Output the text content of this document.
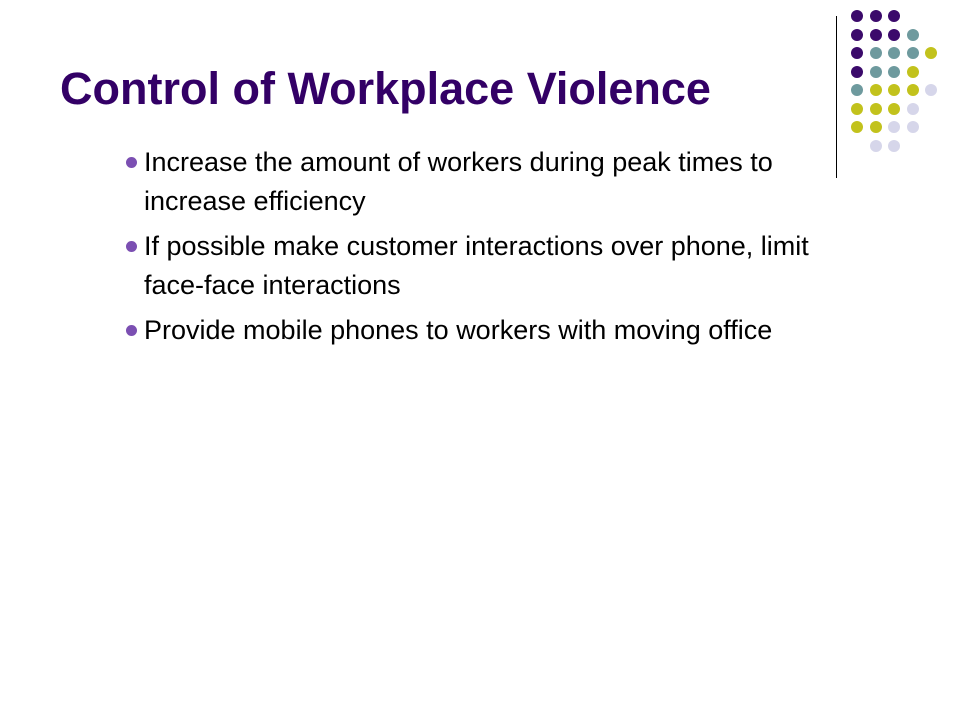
Control of Workplace Violence
Increase the amount of workers during peak times to
increase efficiency
If possible make customer interactions over phone, limit
face-face interactions
Provide mobile phones to workers with moving office
